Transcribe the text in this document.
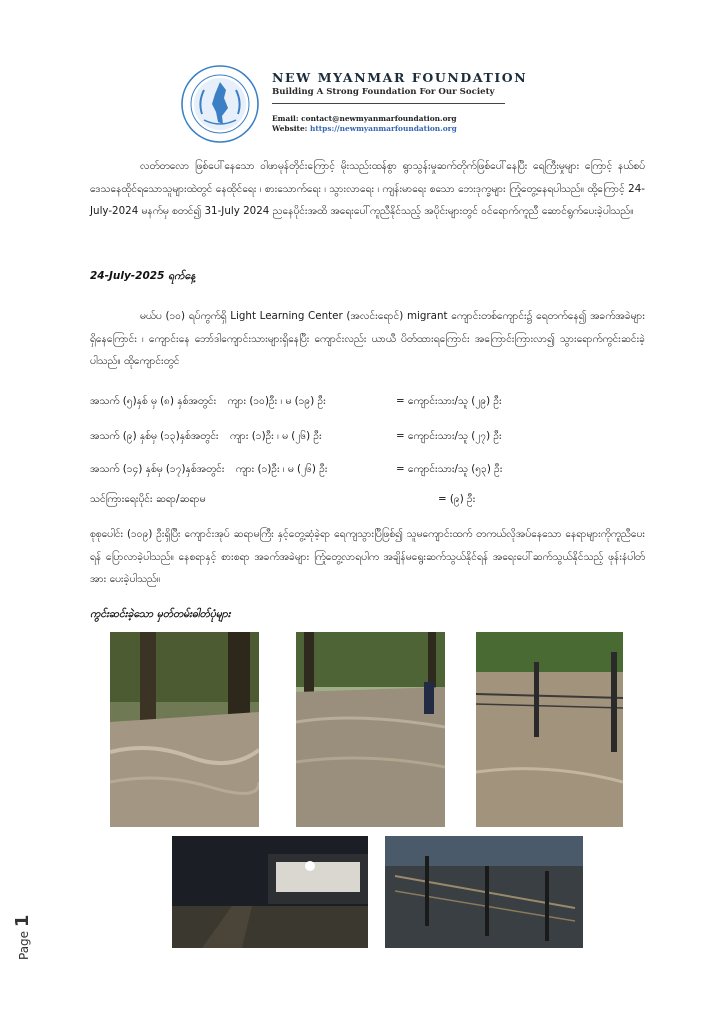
NEW MYANMAR FOUNDATION
Building A Strong Foundation For Our Society
Email: contact@newmyanmarfoundation.org
Website: https://newmyanmarfoundation.org
လတ်တလော ဖြစ်ပေါ်နေသော ဝါဖာမုန်တိုင်းကြောင့် မိုးသည်းထန်စွာ ရွာသွန်းမှုဆက်တိုက်ဖြစ်ပေါ်နေပြီး ရေကြီးမှုများ ကြောင့် နယ်စပ်ဒေသနေထိုင်ရသောသူများထဲတွင် နေထိုင်ရေး ၊ စားသောက်ရေး ၊ သွားလာရေး ၊ ကျန်းမာရေး စသော ဘေးဒုက္ခများ ကြုံတွေ့နေရပါသည်။ ထို့ကြောင့် 24-July-2024 မနက်မှ စတင်၍ 31-July 2024 ညနေပိုင်းအထိ အရေးပေါ်ကူညီနိုင်သည့် အပိုင်းများတွင် ဝင်ရောက်ကူညီ ဆောင်ရွက်ပေးခဲ့ပါသည်။
24-July-2025 ရက်နေ့
မယ်ပ (၁၀) ရပ်ကွက်ရှိ Light Learning Center (အလင်းရောင်) migrant ကျောင်းတစ်ကျောင်း၌ ရေတက်နေ၍ အခက်အခဲများရှိနေကြောင်း ၊ ကျောင်းနေ ဘော်ဒါကျောင်းသားများရှိနေပြီး ကျောင်းလည်း ယာယီ ပိတ်ထားရကြောင်း အကြောင်းကြားလာ၍ သွားရောက်ကွင်းဆင်းခဲ့ပါသည်။ ထိုကျောင်းတွင်
အသက် (၅)နှစ် မှ (၈) နှစ်အတွင်း ကျား (၁၀)ဦး ၊ မ (၁၉) ဦး	= ကျောင်းသား/သူ (၂၉) ဦး
အသက် (၉) နှစ်မှ (၁၃)နှစ်အတွင်း ကျား (၁)ဦး ၊ မ (၂၆) ဦး	= ကျောင်းသား/သူ (၂၇) ဦး
အသက် (၁၄) နှစ်မှ (၁၇)နှစ်အတွင်း ကျား (၁)ဦး ၊ မ (၂၆) ဦး	= ကျောင်းသား/သူ (၅၃) ဦး
သင်ကြားရေးပိုင်း ဆရာ/ဆရာမ	= (၉) ဦး
စုစုပေါင်း (၁၀၉) ဦးရှိပြီး ကျောင်းအုပ် ဆရာမကြီး နှင့်တွေ့ဆုံခဲ့ရာ ရေကျသွားပြီဖြစ်၍ သူမကျောင်းထက် တကယ်လိုအပ်နေသော နေရာများကိုကူညီပေးရန် ပြောလာခဲ့ပါသည်။ နေစရာနှင့် စားစရာ အခက်အခဲများ ကြုံတွေ့လာရပါက အချိန်မရွေးဆက်သွယ်နိုင်ရန် အရေးပေါ်ဆက်သွယ်နိုင်သည့် ဖုန်းနံပါတ်အား ပေးခဲ့ပါသည်။
ကွင်းဆင်းခဲ့သော မှတ်တမ်းဓါတ်ပုံများ
Page 1
